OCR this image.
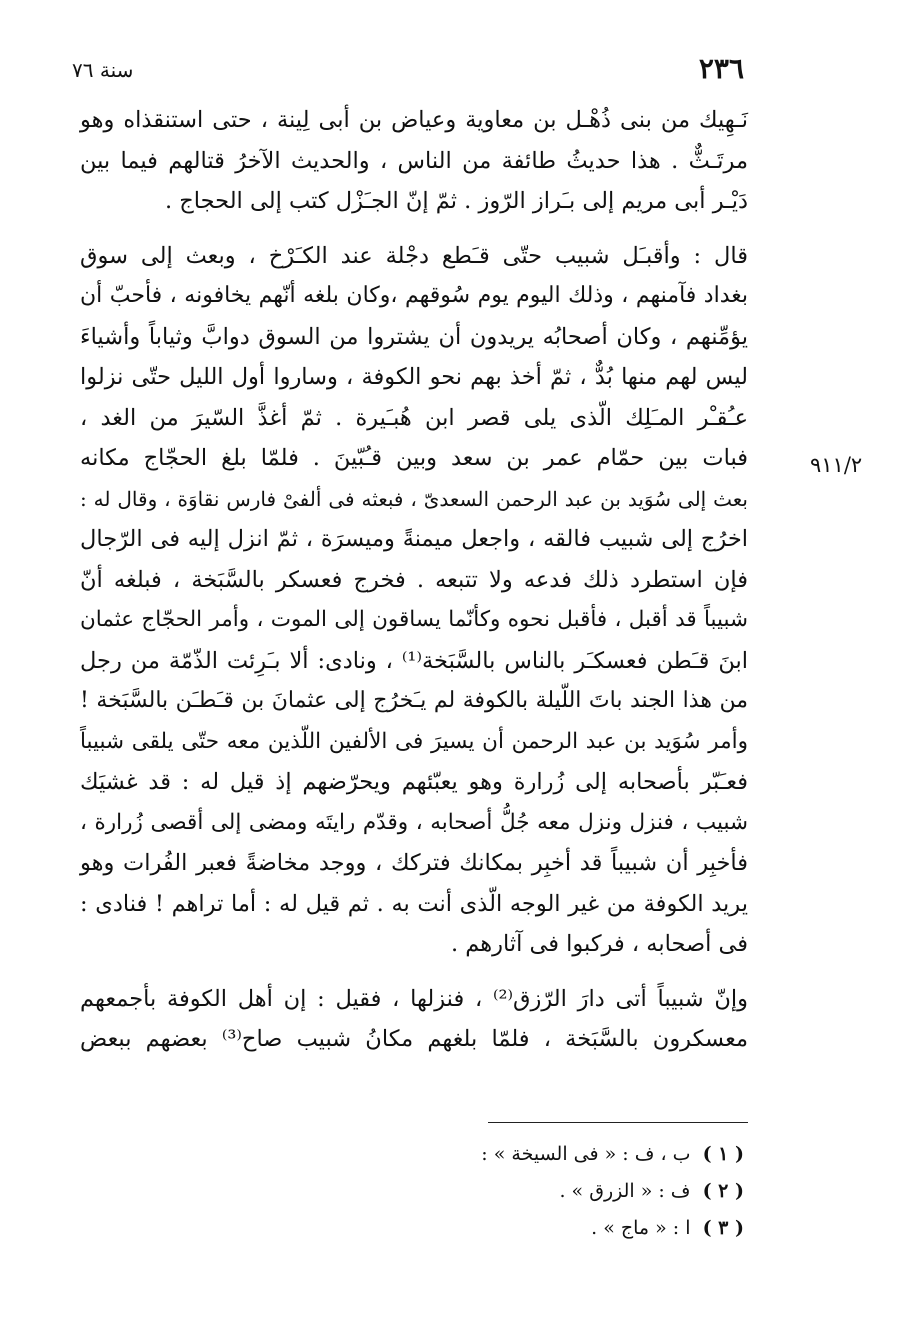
٢٣٦
سنة ٧٦

نَـهِيك من بنى ذُهْـل بن معاوية وعياض بن أبى لِينة ، حتى استنقذاه وهو
مرتَـثٌّ . هذا حديثُ طائفة من الناس ، والحديث الآخرُ قتالهم فيما بين
دَيْـر أبى مريم إلى بـَراز الرّوز . ثمّ إنّ الجـَزْل كتب إلى الحجاج .

قال : وأقبـَل شبيب حتّى قـَطع دجْلة عند الكـَرْخ ، وبعث إلى سوق
بغداد فآمنهم ، وذلك اليوم يوم سُوقهم ،وكان بلغه أنّهم يخافونه ، فأحبّ أن
يؤمِّنهم ، وكان أصحابُه يريدون أن يشتروا من السوق دوابَّ وثياباً وأشياءَ
ليس لهم منها بُدٌّ ، ثمّ أخذ بهم نحو الكوفة ، وساروا أول الليل حتّى نزلوا
عـُقـْر المـَلِك الّذى يلى قصر ابن هُبـَيرة . ثمّ أغذَّ السّيرَ من الغد ،
فبات بين حمّام عمر بن سعد وبين قـُبّينَ . فلمّا بلغ الحجّاج مكانه
بعث إلى سُوَيد بن عبد الرحمن السعدىّ ، فبعثه فى ألفىْ فارس نقاوَة ، وقال له :
اخرُج إلى شبيب فالقه ، واجعل ميمنةً وميسرَة ، ثمّ انزل إليه فى الرّجال
فإن استطرد ذلك فدعه ولا تتبعه . فخرج فعسكر بالسَّبَخة ، فبلغه أنّ
شبيباً قد أقبل ، فأقبل نحوه وكأنّما يساقون إلى الموت ، وأمر الحجّاج عثمان
ابنَ قـَطن فعسكـَر بالناس بالسَّبَخة⁽¹⁾ ، ونادى: ألا بـَرِئت الذّمّة من رجل
من هذا الجند باتَ اللّيلة بالكوفة لم يـَخرُج إلى عثمانَ بن قـَطـَن بالسَّبَخة !
وأمر سُوَيد بن عبد الرحمن أن يسيرَ فى الألفين اللّذين معه حتّى يلقى شبيباً
فعـَبّر بأصحابه إلى زُرارة وهو يعبّئهم ويحرّضهم إذ قيل له : قد غشيَك
شبيب ، فنزل ونزل معه جُلُّ أصحابه ، وقدّم رايتَه ومضى إلى أقصى زُرارة ،
فأخبِر أن شبيباً قد أخبِر بمكانك فتركك ، ووجد مخاضةً فعبر الفُرات وهو
يريد الكوفة من غير الوجه الّذى أنت به . ثم قيل له : أما تراهم ! فنادى :
فى أصحابه ، فركبوا فى آثارهم .

وإنّ شبيباً أتى دارَ الرّزق⁽²⁾ ، فنزلها ، فقيل : إن أهل الكوفة بأجمعهم
معسكرون بالسَّبَخة ، فلمّا بلغهم مكانُ شبيب صاح⁽³⁾ بعضهم ببعض

٩١١/٢
( ١ ) ب ، ف : « فى السيخة » :
( ٢ ) ف : « الزرق » .
( ٣ ) ا : « ماج » .
